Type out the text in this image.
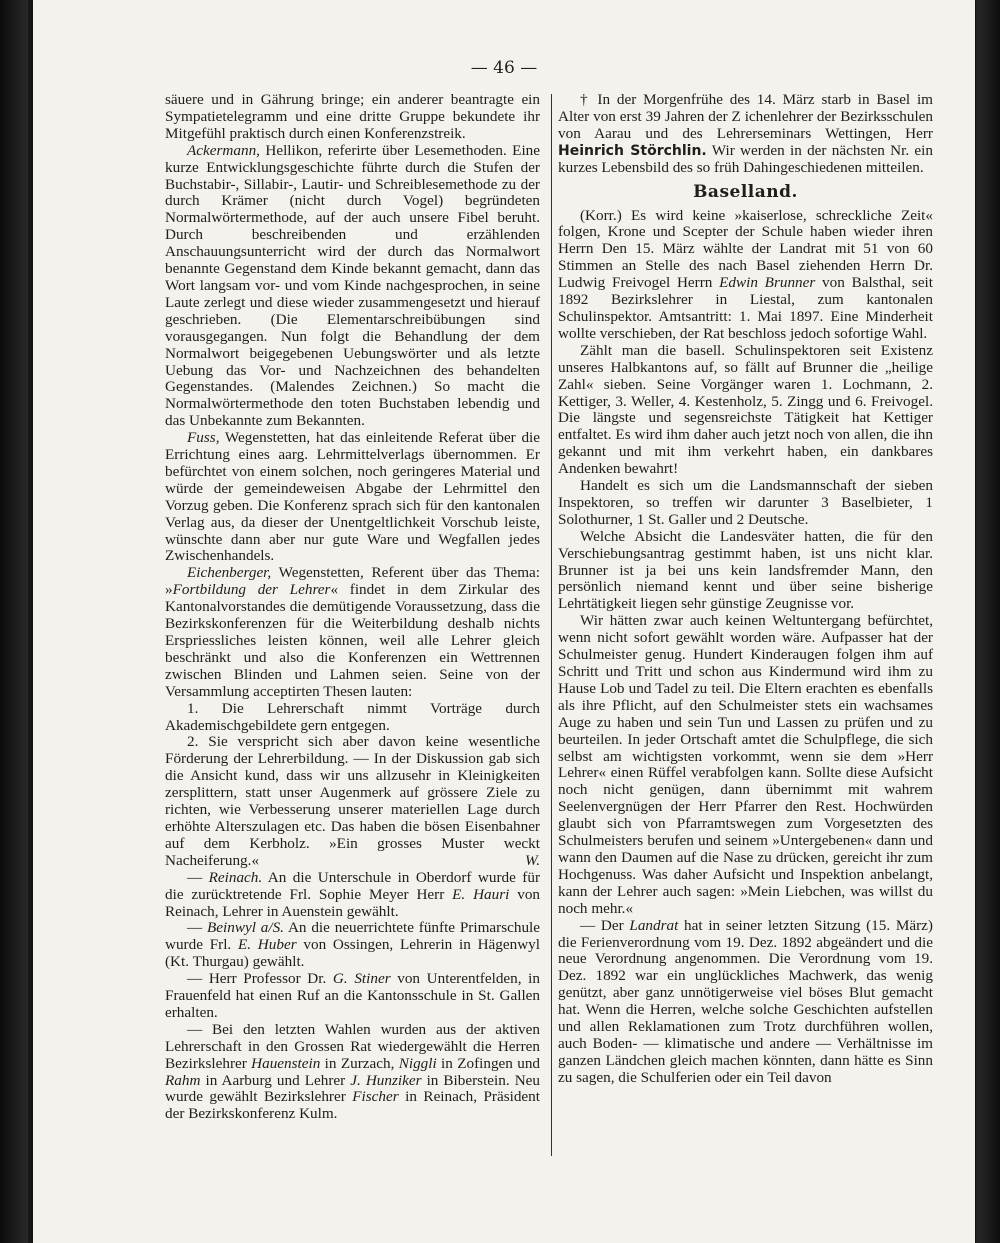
— 46 —

säuere und in Gährung bringe; ein anderer beantragte ein Sympatietelegramm und eine dritte Gruppe bekundete ihr Mitgefühl praktisch durch einen Konferenzstreik.

Ackermann, Hellikon, referirte über Lesemethoden. Eine kurze Entwicklungsgeschichte führte durch die Stufen der Buchstabir-, Sillabir-, Lautir- und Schreiblesemethode zu der durch Krämer (nicht durch Vogel) begründeten Normalwörtermethode, auf der auch unsere Fibel beruht. Durch beschreibenden und erzählenden Anschauungsunterricht wird der durch das Normalwort benannte Gegenstand dem Kinde bekannt gemacht, dann das Wort langsam vor- und vom Kinde nachgesprochen, in seine Laute zerlegt und diese wieder zusammengesetzt und hierauf geschrieben. (Die Elementarschreibübungen sind vorausgegangen. Nun folgt die Behandlung der dem Normalwort beigegebenen Uebungswörter und als letzte Uebung das Vor- und Nachzeichnen des behandelten Gegenstandes. (Malendes Zeichnen.) So macht die Normalwörtermethode den toten Buchstaben lebendig und das Unbekannte zum Bekannten.

Fuss, Wegenstetten, hat das einleitende Referat über die Errichtung eines aarg. Lehrmittelverlags übernommen. Er befürchtet von einem solchen, noch geringeres Material und würde der gemeindeweisen Abgabe der Lehrmittel den Vorzug geben. Die Konferenz sprach sich für den kantonalen Verlag aus, da dieser der Unentgeltlichkeit Vorschub leiste, wünschte dann aber nur gute Ware und Wegfallen jedes Zwischenhandels.

Eichenberger, Wegenstetten, Referent über das Thema: »Fortbildung der Lehrer« findet in dem Zirkular des Kantonalvorstandes die demütigende Voraussetzung, dass die Bezirkskonferenzen für die Weiterbildung deshalb nichts Erspriessliches leisten können, weil alle Lehrer gleich beschränkt und also die Konferenzen ein Wettrennen zwischen Blinden und Lahmen seien. Seine von der Versammlung acceptirten Thesen lauten:

1. Die Lehrerschaft nimmt Vorträge durch Akademischgebildete gern entgegen.

2. Sie verspricht sich aber davon keine wesentliche Förderung der Lehrerbildung. — In der Diskussion gab sich die Ansicht kund, dass wir uns allzusehr in Kleinigkeiten zersplittern, statt unser Augenmerk auf grössere Ziele zu richten, wie Verbesserung unserer materiellen Lage durch erhöhte Alterszulagen etc. Das haben die bösen Eisenbahner auf dem Kerbholz. »Ein grosses Muster weckt Nacheiferung.«	W.

— Reinach. An die Unterschule in Oberdorf wurde für die zurücktretende Frl. Sophie Meyer Herr E. Hauri von Reinach, Lehrer in Auenstein gewählt.

— Beinwyl a/S. An die neuerrichtete fünfte Primarschule wurde Frl. E. Huber von Ossingen, Lehrerin in Hägenwyl (Kt. Thurgau) gewählt.

— Herr Professor Dr. G. Stiner von Unterentfelden, in Frauenfeld hat einen Ruf an die Kantonsschule in St. Gallen erhalten.

— Bei den letzten Wahlen wurden aus der aktiven Lehrerschaft in den Grossen Rat wiedergewählt die Herren Bezirkslehrer Hauenstein in Zurzach, Niggli in Zofingen und Rahm in Aarburg und Lehrer J. Hunziker in Biberstein. Neu wurde gewählt Bezirkslehrer Fischer in Reinach, Präsident der Bezirkskonferenz Kulm.

† In der Morgenfrühe des 14. März starb in Basel im Alter von erst 39 Jahren der Z ichenlehrer der Bezirksschulen von Aarau und des Lehrerseminars Wettingen, Herr Heinrich Störchlin. Wir werden in der nächsten Nr. ein kurzes Lebensbild des so früh Dahingeschiedenen mitteilen.

Baselland.

(Korr.) Es wird keine »kaiserlose, schreckliche Zeit« folgen, Krone und Scepter der Schule haben wieder ihren Herrn Den 15. März wählte der Landrat mit 51 von 60 Stimmen an Stelle des nach Basel ziehenden Herrn Dr. Ludwig Freivogel Herrn Edwin Brunner von Balsthal, seit 1892 Bezirkslehrer in Liestal, zum kantonalen Schulinspektor. Amtsantritt: 1. Mai 1897. Eine Minderheit wollte verschieben, der Rat beschloss jedoch sofortige Wahl.

Zählt man die basell. Schulinspektoren seit Existenz unseres Halbkantons auf, so fällt auf Brunner die „heilige Zahl« sieben. Seine Vorgänger waren 1. Lochmann, 2. Kettiger, 3. Weller, 4. Kestenholz, 5. Zingg und 6. Freivogel. Die längste und segensreichste Tätigkeit hat Kettiger entfaltet. Es wird ihm daher auch jetzt noch von allen, die ihn gekannt und mit ihm verkehrt haben, ein dankbares Andenken bewahrt!

Handelt es sich um die Landsmannschaft der sieben Inspektoren, so treffen wir darunter 3 Baselbieter, 1 Solothurner, 1 St. Galler und 2 Deutsche.

Welche Absicht die Landesväter hatten, die für den Verschiebungsantrag gestimmt haben, ist uns nicht klar. Brunner ist ja bei uns kein landsfremder Mann, den persönlich niemand kennt und über seine bisherige Lehrtätigkeit liegen sehr günstige Zeugnisse vor.

Wir hätten zwar auch keinen Weltuntergang befürchtet, wenn nicht sofort gewählt worden wäre. Aufpasser hat der Schulmeister genug. Hundert Kinderaugen folgen ihm auf Schritt und Tritt und schon aus Kindermund wird ihm zu Hause Lob und Tadel zu teil. Die Eltern erachten es ebenfalls als ihre Pflicht, auf den Schulmeister stets ein wachsames Auge zu haben und sein Tun und Lassen zu prüfen und zu beurteilen. In jeder Ortschaft amtet die Schulpflege, die sich selbst am wichtigsten vorkommt, wenn sie dem »Herr Lehrer« einen Rüffel verabfolgen kann. Sollte diese Aufsicht noch nicht genügen, dann übernimmt mit wahrem Seelenvergnügen der Herr Pfarrer den Rest. Hochwürden glaubt sich von Pfarramtswegen zum Vorgesetzten des Schulmeisters berufen und seinem »Untergebenen« dann und wann den Daumen auf die Nase zu drücken, gereicht ihr zum Hochgenuss. Was daher Aufsicht und Inspektion anbelangt, kann der Lehrer auch sagen: »Mein Liebchen, was willst du noch mehr.«

— Der Landrat hat in seiner letzten Sitzung (15. März) die Ferienverordnung vom 19. Dez. 1892 abgeändert und die neue Verordnung angenommen. Die Verordnung vom 19. Dez. 1892 war ein unglückliches Machwerk, das wenig genützt, aber ganz unnötigerweise viel böses Blut gemacht hat. Wenn die Herren, welche solche Geschichten aufstellen und allen Reklamationen zum Trotz durchführen wollen, auch Boden- — klimatische und andere — Verhältnisse im ganzen Ländchen gleich machen könnten, dann hätte es Sinn zu sagen, die Schulferien oder ein Teil davon
